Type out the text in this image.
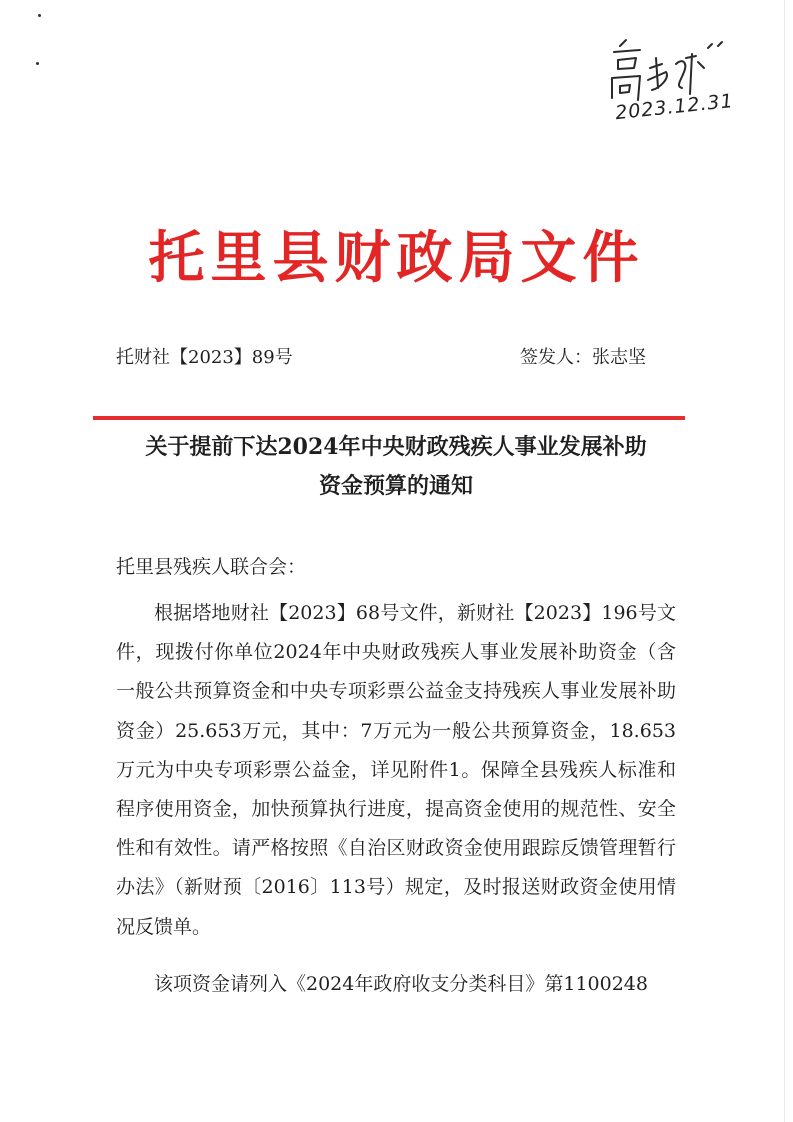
2023.12.31
托里县财政局文件
托财社【2023】89号	签发人：张志坚
关于提前下达2024年中央财政残疾人事业发展补助
资金预算的通知
托里县残疾人联合会：
根据塔地财社【2023】68号文件，新财社【2023】196号文件，现拨付你单位2024年中央财政残疾人事业发展补助资金（含一般公共预算资金和中央专项彩票公益金支持残疾人事业发展补助资金）25.653万元，其中：7万元为一般公共预算资金，18.653万元为中央专项彩票公益金，详见附件1。保障全县残疾人标准和程序使用资金，加快预算执行进度，提高资金使用的规范性、安全性和有效性。请严格按照《自治区财政资金使用跟踪反馈管理暂行办法》（新财预〔2016〕113号）规定，及时报送财政资金使用情况反馈单。
该项资金请列入《2024年政府收支分类科目》第1100248
